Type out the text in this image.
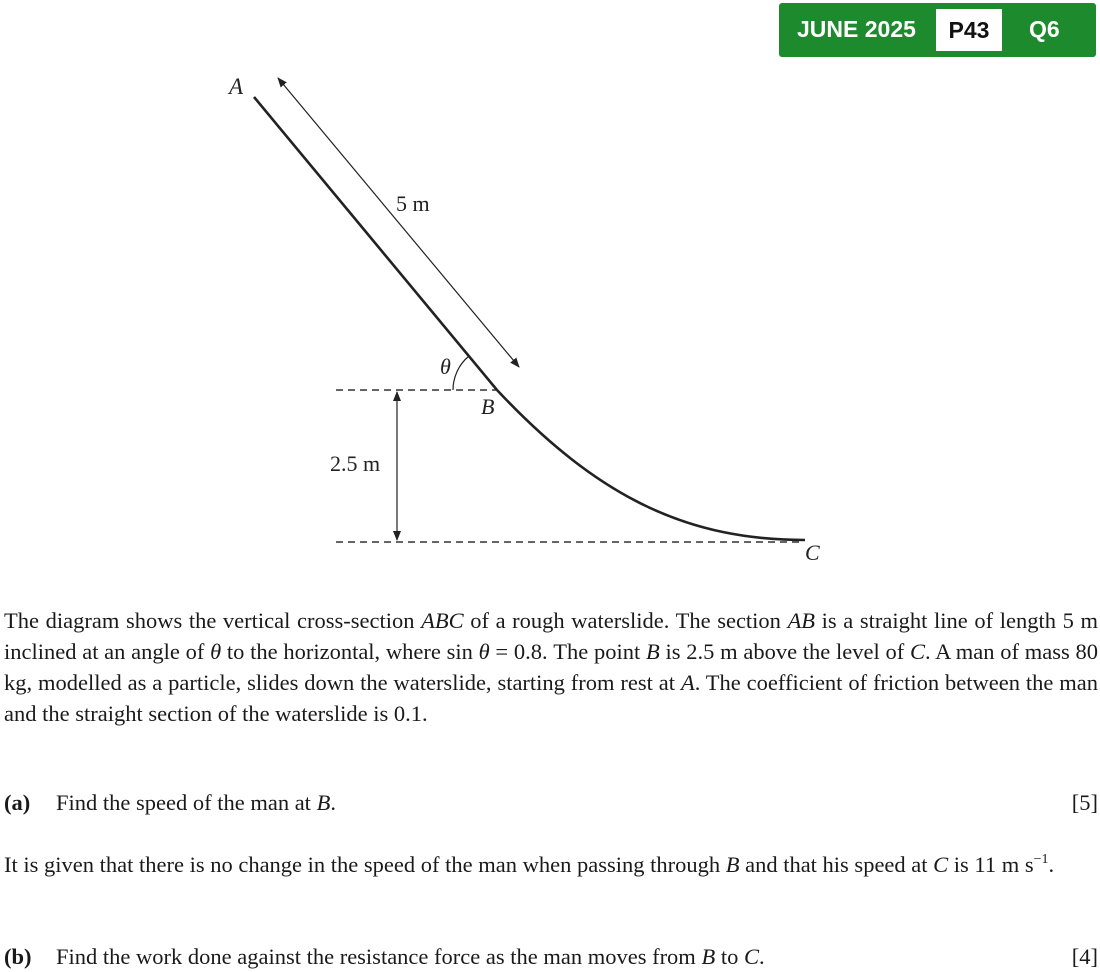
JUNE 2025	P43	Q6
A
5 m
θ
B
2.5 m
C
The diagram shows the vertical cross-section ABC of a rough waterslide. The section AB is a straight line of length 5 m inclined at an angle of θ to the horizontal, where sin θ = 0.8. The point B is 2.5 m above the level of C. A man of mass 80 kg, modelled as a particle, slides down the waterslide, starting from rest at A. The coefficient of friction between the man and the straight section of the waterslide is 0.1.
(a) Find the speed of the man at B.	[5]
It is given that there is no change in the speed of the man when passing through B and that his speed at C is 11 m $s^{-1}$.
(b) Find the work done against the resistance force as the man moves from B to C.	[4]
